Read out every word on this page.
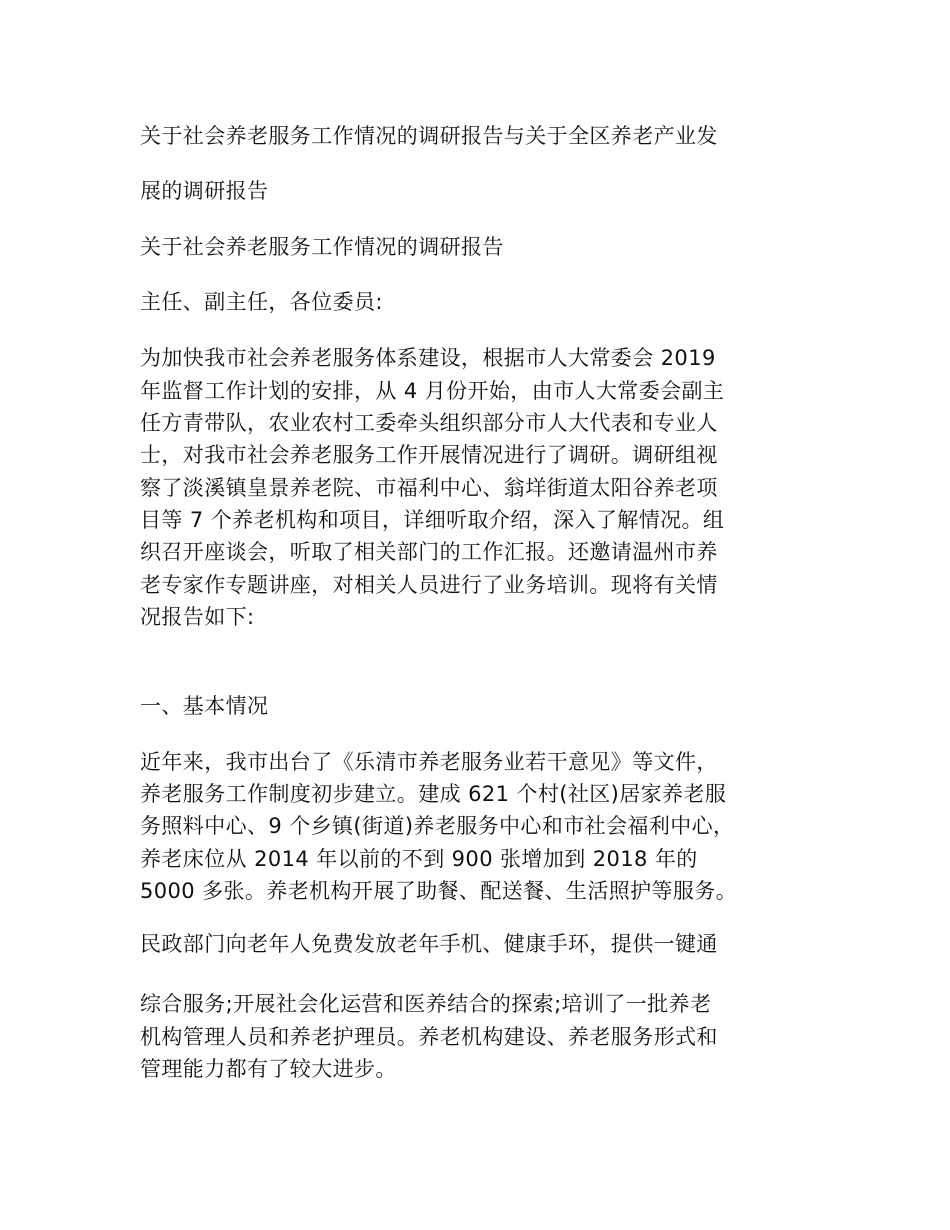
关于社会养老服务工作情况的调研报告与关于全区养老产业发
展的调研报告
关于社会养老服务工作情况的调研报告
主任、副主任，各位委员:
为加快我市社会养老服务体系建设，根据市人大常委会 2019
年监督工作计划的安排，从 4 月份开始，由市人大常委会副主
任方青带队，农业农村工委牵头组织部分市人大代表和专业人
士，对我市社会养老服务工作开展情况进行了调研。调研组视
察了淡溪镇皇景养老院、市福利中心、翁垟街道太阳谷养老项
目等 7 个养老机构和项目，详细听取介绍，深入了解情况。组
织召开座谈会，听取了相关部门的工作汇报。还邀请温州市养
老专家作专题讲座，对相关人员进行了业务培训。现将有关情
况报告如下:
一、基本情况
近年来，我市出台了《乐清市养老服务业若干意见》等文件，
养老服务工作制度初步建立。建成 621 个村(社区)居家养老服
务照料中心、9 个乡镇(街道)养老服务中心和市社会福利中心，
养老床位从 2014 年以前的不到 900 张增加到 2018 年的
5000 多张。养老机构开展了助餐、配送餐、生活照护等服务。
民政部门向老年人免费发放老年手机、健康手环，提供一键通
综合服务;开展社会化运营和医养结合的探索;培训了一批养老
机构管理人员和养老护理员。养老机构建设、养老服务形式和
管理能力都有了较大进步。
